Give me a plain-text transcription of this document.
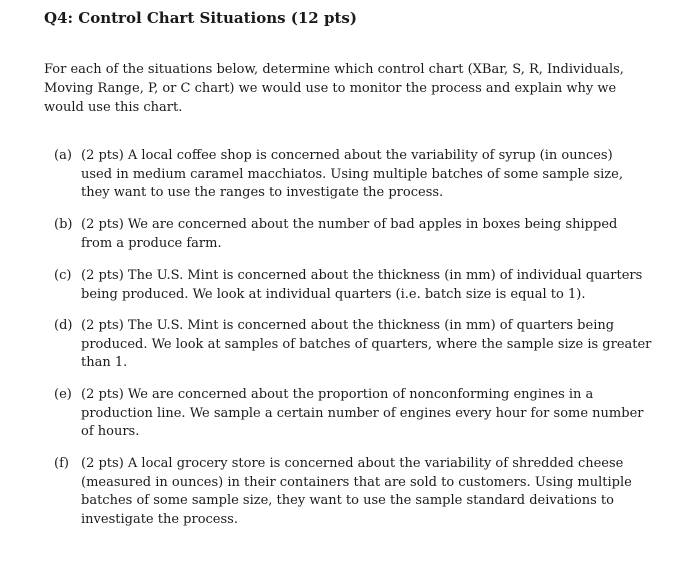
Q4: Control Chart Situations (12 pts)
For each of the situations below, determine which control chart (XBar, S, R, Individuals,
Moving Range, P, or C chart) we would use to monitor the process and explain why we
would use this chart.
(a) (2 pts) A local coffee shop is concerned about the variability of syrup (in ounces)
used in medium caramel macchiatos. Using multiple batches of some sample size,
they want to use the ranges to investigate the process.
(b) (2 pts) We are concerned about the number of bad apples in boxes being shipped
from a produce farm.
(c) (2 pts) The U.S. Mint is concerned about the thickness (in mm) of individual quarters
being produced. We look at individual quarters (i.e. batch size is equal to 1).
(d) (2 pts) The U.S. Mint is concerned about the thickness (in mm) of quarters being
produced. We look at samples of batches of quarters, where the sample size is greater
than 1.
(e) (2 pts) We are concerned about the proportion of nonconforming engines in a
production line. We sample a certain number of engines every hour for some number
of hours.
(f) (2 pts) A local grocery store is concerned about the variability of shredded cheese
(measured in ounces) in their containers that are sold to customers. Using multiple
batches of some sample size, they want to use the sample standard deivations to
investigate the process.
